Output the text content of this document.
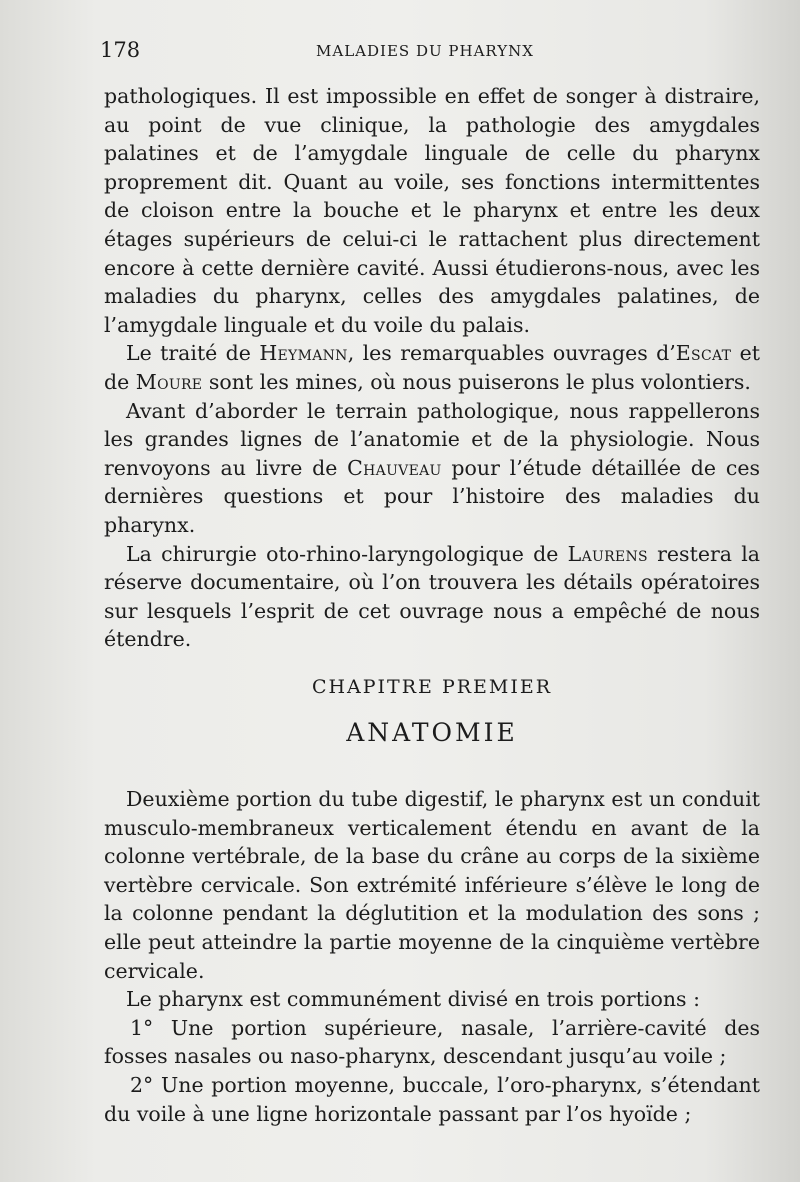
178	MALADIES DU PHARYNX

pathologiques. Il est impossible en effet de songer à distraire, au point de vue clinique, la pathologie des amygdales palatines et de l’amygdale linguale de celle du pharynx proprement dit. Quant au voile, ses fonctions intermittentes de cloison entre la bouche et le pharynx et entre les deux étages supérieurs de celui-ci le rattachent plus directement encore à cette dernière cavité. Aussi étudierons-nous, avec les maladies du pharynx, celles des amygdales palatines, de l’amygdale linguale et du voile du palais.

Le traité de Heymann, les remarquables ouvrages d’Escat et de Moure sont les mines, où nous puiserons le plus volontiers.

Avant d’aborder le terrain pathologique, nous rappellerons les grandes lignes de l’anatomie et de la physiologie. Nous renvoyons au livre de Chauveau pour l’étude détaillée de ces dernières questions et pour l’histoire des maladies du pharynx.

La chirurgie oto-rhino-laryngologique de Laurens restera la réserve documentaire, où l’on trouvera les détails opératoires sur lesquels l’esprit de cet ouvrage nous a empêché de nous étendre.

CHAPITRE PREMIER
ANATOMIE

Deuxième portion du tube digestif, le pharynx est un conduit musculo-membraneux verticalement étendu en avant de la colonne vertébrale, de la base du crâne au corps de la sixième vertèbre cervicale. Son extrémité inférieure s’élève le long de la colonne pendant la déglutition et la modulation des sons ; elle peut atteindre la partie moyenne de la cinquième vertèbre cervicale.

Le pharynx est communément divisé en trois portions :

1° Une portion supérieure, nasale, l’arrière-cavité des fosses nasales ou naso-pharynx, descendant jusqu’au voile ;

2° Une portion moyenne, buccale, l’oro-pharynx, s’étendant du voile à une ligne horizontale passant par l’os hyoïde ;
